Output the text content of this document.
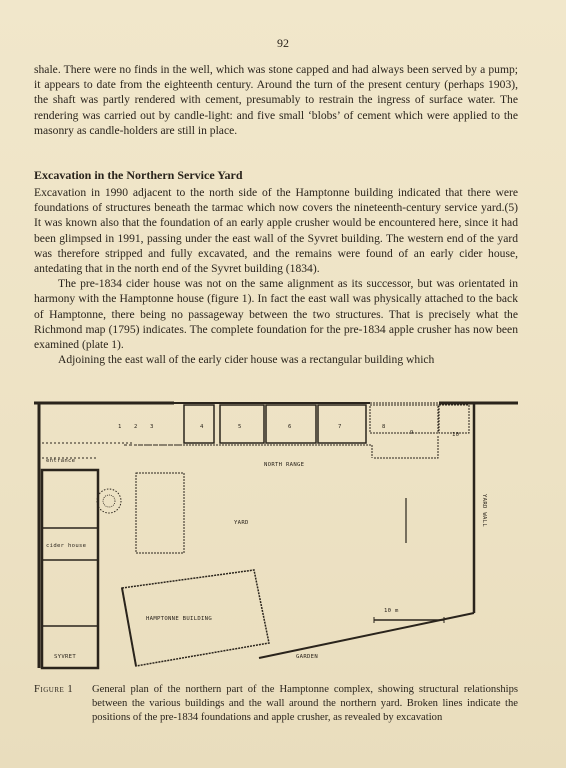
92

shale. There were no finds in the well, which was stone capped and had always been served by a pump; it appears to date from the eighteenth century. Around the turn of the present century (perhaps 1903), the shaft was partly rendered with cement, presumably to restrain the ingress of surface water. The rendering was carried out by candle-light: and five small ‘blobs’ of cement which were applied to the masonry as candle-holders are still in place.

Excavation in the Northern Service Yard

Excavation in 1990 adjacent to the north side of the Hamptonne building indicated that there were foundations of structures beneath the tarmac which now covers the nineteenth-century service yard.(5) It was known also that the foundation of an early apple crusher would be encountered here, since it had been glimpsed in 1991, passing under the east wall of the Syvret building. The western end of the yard was therefore stripped and fully excavated, and the remains were found of an early cider house, antedating that in the north end of the Syvret building (1834).

The pre-1834 cider house was not on the same alignment as its successor, but was orientated in harmony with the Hamptonne house (figure 1). In fact the east wall was physically attached to the back of Hamptonne, there being no passageway between the two structures. That is precisely what the Richmond map (1795) indicates. The complete foundation for the pre-1834 apple crusher has now been examined (plate 1).

Adjoining the east wall of the early cider house was a rectangular building which

1 2 3	4	5	6	7	8
9	10
entrance
NORTH RANGE
cider house
YARD	YARD WALL
HAMPTONNE BUILDING
SYVRET	GARDEN
10 m
Figure 1 General plan of the northern part of the Hamptonne complex, showing structural relationships between the various buildings and the wall around the northern yard. Broken lines indicate the positions of the pre-1834 foundations and apple crusher, as revealed by excavation
